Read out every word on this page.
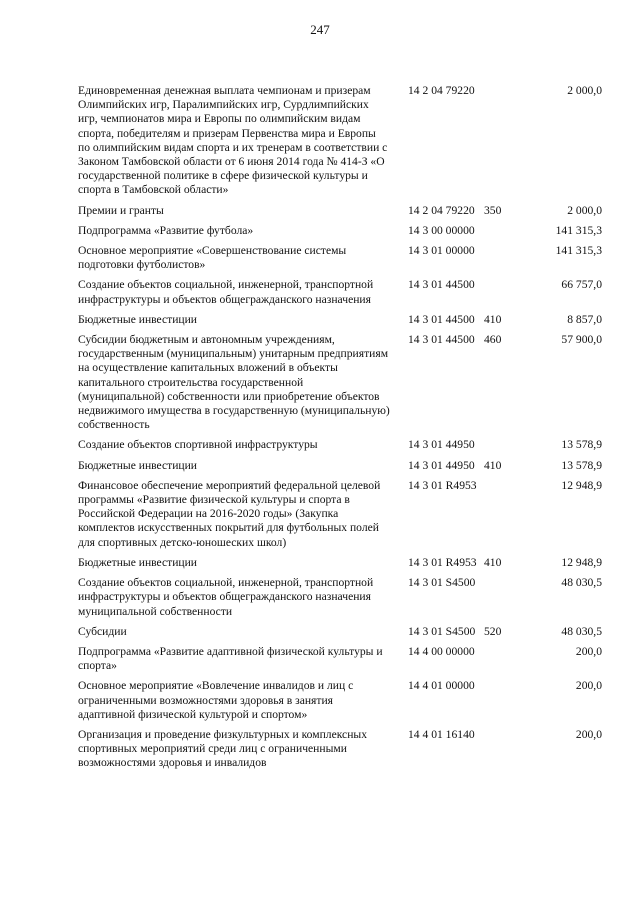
247
Единовременная денежная выплата чемпионам и призерам Олимпийских игр, Паралимпийских игр, Сурдлимпийских игр, чемпионатов мира и Европы по олимпийским видам спорта, победителям и призерам Первенства мира и Европы по олимпийским видам спорта и их тренерам в соответствии с Законом Тамбовской области от 6 июня 2014 года № 414-З «О государственной политике в сфере физической культуры и спорта в Тамбовской области»	14 2 04 79220		2 000,0
Премии и гранты	14 2 04 79220	350	2 000,0
Подпрограмма «Развитие футбола»	14 3 00 00000		141 315,3
Основное мероприятие «Совершенствование системы подготовки футболистов»	14 3 01 00000		141 315,3
Создание объектов социальной, инженерной, транспортной инфраструктуры и объектов общегражданского назначения	14 3 01 44500		66 757,0
Бюджетные инвестиции	14 3 01 44500	410	8 857,0
Субсидии бюджетным и автономным учреждениям, государственным (муниципальным) унитарным предприятиям на осуществление капитальных вложений в объекты капитального строительства государственной (муниципальной) собственности или приобретение объектов недвижимого имущества в государственную (муниципальную) собственность	14 3 01 44500	460	57 900,0
Создание объектов спортивной инфраструктуры	14 3 01 44950		13 578,9
Бюджетные инвестиции	14 3 01 44950	410	13 578,9
Финансовое обеспечение мероприятий федеральной целевой программы «Развитие физической культуры и спорта в Российской Федерации на 2016-2020 годы» (Закупка комплектов искусственных покрытий для футбольных полей для спортивных детско-юношеских школ)	14 3 01 R4953		12 948,9
Бюджетные инвестиции	14 3 01 R4953	410	12 948,9
Создание объектов социальной, инженерной, транспортной инфраструктуры и объектов общегражданского назначения муниципальной собственности	14 3 01 S4500		48 030,5
Субсидии	14 3 01 S4500	520	48 030,5
Подпрограмма «Развитие адаптивной физической культуры и спорта»	14 4 00 00000		200,0
Основное мероприятие «Вовлечение инвалидов и лиц с ограниченными возможностями здоровья в занятия адаптивной физической культурой и спортом»	14 4 01 00000		200,0
Организация и проведение физкультурных и комплексных спортивных мероприятий среди лиц с ограниченными возможностями здоровья и инвалидов	14 4 01 16140		200,0
